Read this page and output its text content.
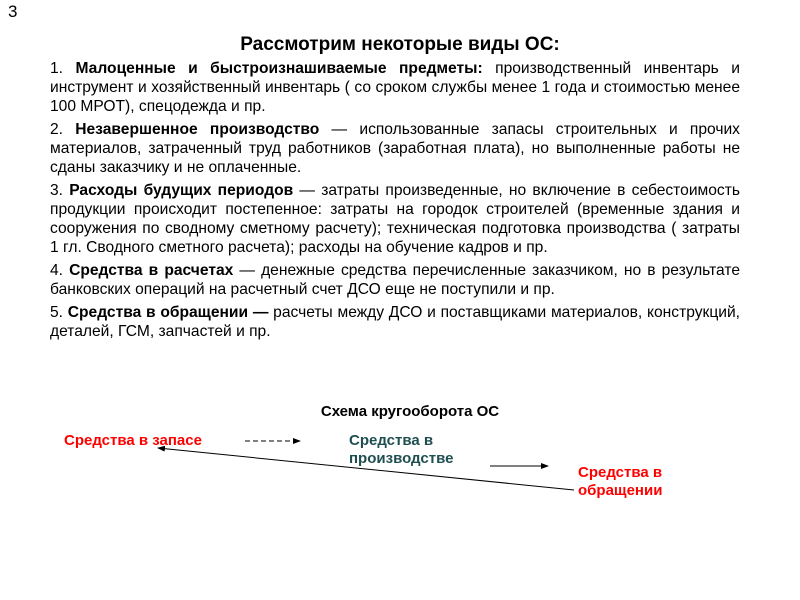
3
Рассмотрим некоторые виды ОС:

1. Малоценные и быстроизнашиваемые предметы: производственный инвентарь и инструмент и хозяйственный инвентарь ( со сроком службы менее 1 года и стоимостью менее 100 МРОТ), спецодежда и пр.

2. Незавершенное производство — использованные запасы строительных и прочих материалов, затраченный труд работников (заработная плата), но выполненные работы не сданы заказчику и не оплаченные.

3. Расходы будущих периодов — затраты произведенные, но включение в себестоимость продукции происходит постепенное: затраты на городок строителей (временные здания и сооружения по сводному сметному расчету); техническая подготовка производства ( затраты 1 гл. Сводного сметного расчета); расходы на обучение кадров и пр.

4. Средства в расчетах — денежные средства перечисленные заказчиком, но в результате банковских операций на расчетный счет ДСО еще не поступили и пр.

5. Средства в обращении — расчеты между ДСО и поставщиками материалов, конструкций, деталей, ГСМ, запчастей и пр.

Схема кругооборота ОС
Средства в запасе	Средства в производстве
Средства в обращении
